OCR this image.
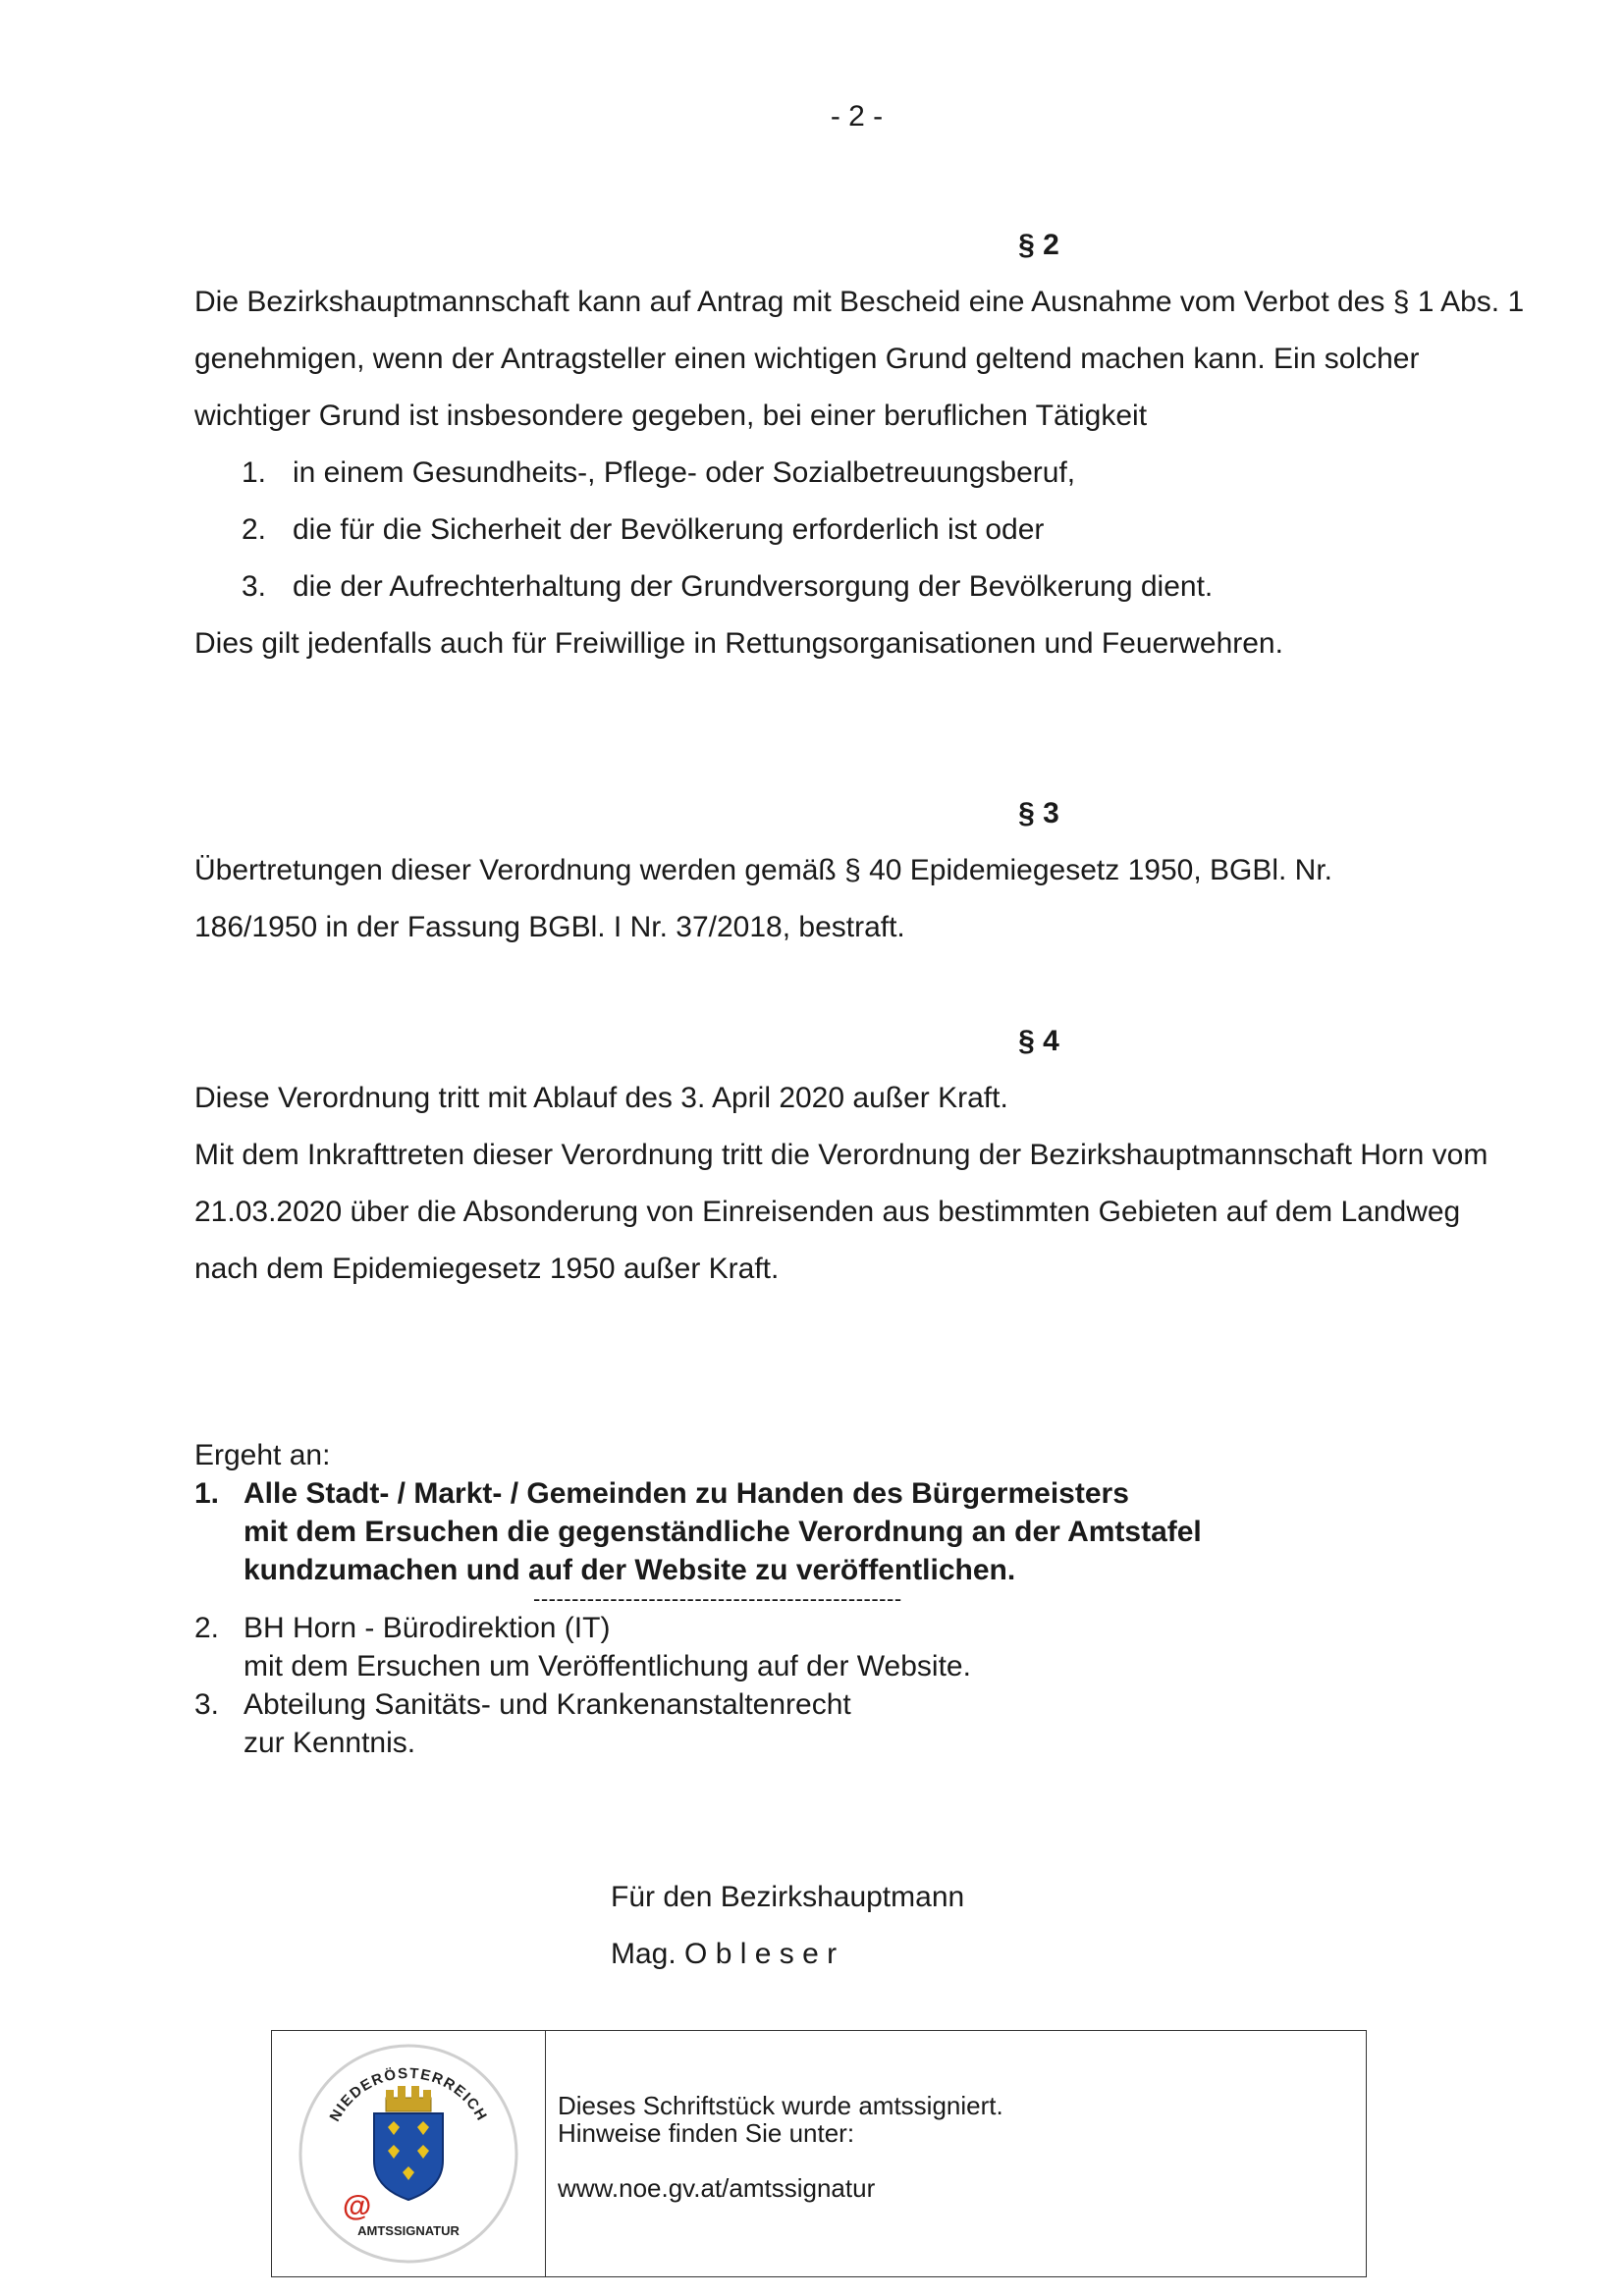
- 2 -
§ 2

Die Bezirkshauptmannschaft kann auf Antrag mit Bescheid eine Ausnahme vom Verbot des § 1 Abs. 1 genehmigen, wenn der Antragsteller einen wichtigen Grund geltend machen kann. Ein solcher wichtiger Grund ist insbesondere gegeben, bei einer beruflichen Tätigkeit

1. in einem Gesundheits-, Pflege- oder Sozialbetreuungsberuf,
2. die für die Sicherheit der Bevölkerung erforderlich ist oder
3. die der Aufrechterhaltung der Grundversorgung der Bevölkerung dient.

Dies gilt jedenfalls auch für Freiwillige in Rettungsorganisationen und Feuerwehren.

§ 3

Übertretungen dieser Verordnung werden gemäß § 40 Epidemiegesetz 1950, BGBl. Nr. 186/1950 in der Fassung BGBl. I Nr. 37/2018, bestraft.

§ 4

Diese Verordnung tritt mit Ablauf des 3. April 2020 außer Kraft.

Mit dem Inkrafttreten dieser Verordnung tritt die Verordnung der Bezirkshauptmannschaft Horn vom 21.03.2020 über die Absonderung von Einreisenden aus bestimmten Gebieten auf dem Landweg nach dem Epidemiegesetz 1950 außer Kraft.

Ergeht an:
1. Alle Stadt- / Markt- / Gemeinden zu Handen des Bürgermeisters
mit dem Ersuchen die gegenständliche Verordnung an der Amtstafel
kundzumachen und auf der Website zu veröffentlichen.
------------------------------------------------
2. BH Horn - Bürodirektion (IT)
mit dem Ersuchen um Veröffentlichung auf der Website.
3. Abteilung Sanitäts- und Krankenanstaltenrecht
zur Kenntnis.
Für den Bezirkshauptmann
Mag. O b l e s e r
NIEDERÖSTERREICH
@
AMTSSIGNATUR
Dieses Schriftstück wurde amtssigniert.
Hinweise finden Sie unter:
www.noe.gv.at/amtssignatur
